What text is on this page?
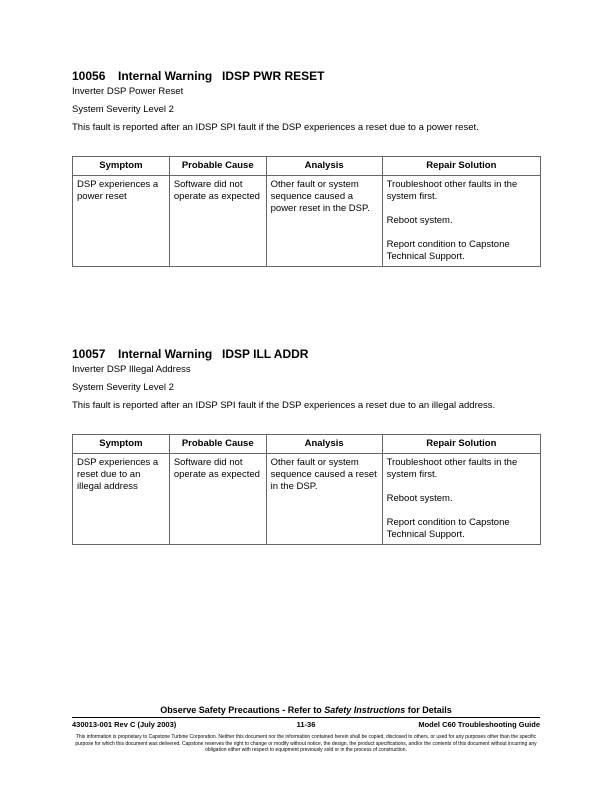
10056 Internal Warning IDSP PWR RESET

Inverter DSP Power Reset

System Severity Level 2

This fault is reported after an IDSP SPI fault if the DSP experiences a reset due to a power reset.

Symptom	Probable Cause	Analysis	Repair Solution
DSP experiences a power reset	Software did not operate as expected	Other fault or system sequence caused a power reset in the DSP.	Troubleshoot other faults in the system first.

Reboot system.

Report condition to Capstone Technical Support.

10057 Internal Warning IDSP ILL ADDR

Inverter DSP Illegal Address

System Severity Level 2

This fault is reported after an IDSP SPI fault if the DSP experiences a reset due to an illegal address.

Symptom	Probable Cause	Analysis	Repair Solution
DSP experiences a reset due to an illegal address	Software did not operate as expected	Other fault or system sequence caused a reset in the DSP.	Troubleshoot other faults in the system first.

Reboot system.

Report condition to Capstone Technical Support.

Observe Safety Precautions - Refer to Safety Instructions for Details
430013-001 Rev C (July 2003)	11-36	Model C60 Troubleshooting Guide
This information is proprietary to Capstone Turbine Corporation. Neither this document nor the information contained herein shall be copied, disclosed to others, or used for any purposes other than the specific purpose for which this document was delivered. Capstone reserves the right to change or modify without notice, the design, the product specifications, and/or the contents of this document without incurring any obligation either with respect to equipment previously sold or in the process of construction.
